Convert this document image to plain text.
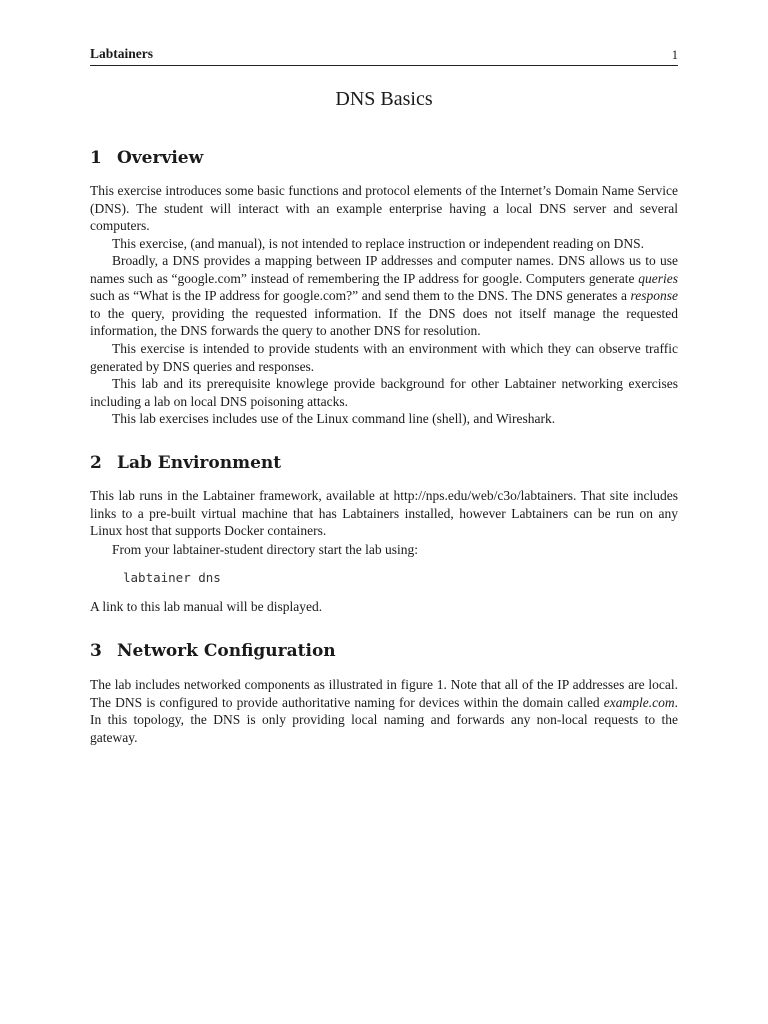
Labtainers	1
DNS Basics
1 Overview

This exercise introduces some basic functions and protocol elements of the Internet’s Domain Name Service (DNS). The student will interact with an example enterprise having a local DNS server and several computers.

This exercise, (and manual), is not intended to replace instruction or independent reading on DNS.

Broadly, a DNS provides a mapping between IP addresses and computer names. DNS allows us to use names such as “google.com” instead of remembering the IP address for google. Computers generate queries such as “What is the IP address for google.com?” and send them to the DNS. The DNS generates a response to the query, providing the requested information. If the DNS does not itself manage the requested information, the DNS forwards the query to another DNS for resolution.

This exercise is intended to provide students with an environment with which they can observe traffic generated by DNS queries and responses.

This lab and its prerequisite knowlege provide background for other Labtainer networking exercises including a lab on local DNS poisoning attacks.

This lab exercises includes use of the Linux command line (shell), and Wireshark.

2 Lab Environment

This lab runs in the Labtainer framework, available at http://nps.edu/web/c3o/labtainers. That site includes links to a pre-built virtual machine that has Labtainers installed, however Labtainers can be run on any Linux host that supports Docker containers.

From your labtainer-student directory start the lab using:

labtainer dns

A link to this lab manual will be displayed.

3 Network Configuration

The lab includes networked components as illustrated in figure 1. Note that all of the IP addresses are local. The DNS is configured to provide authoritative naming for devices within the domain called example.com. In this topology, the DNS is only providing local naming and forwards any non-local requests to the gateway.
